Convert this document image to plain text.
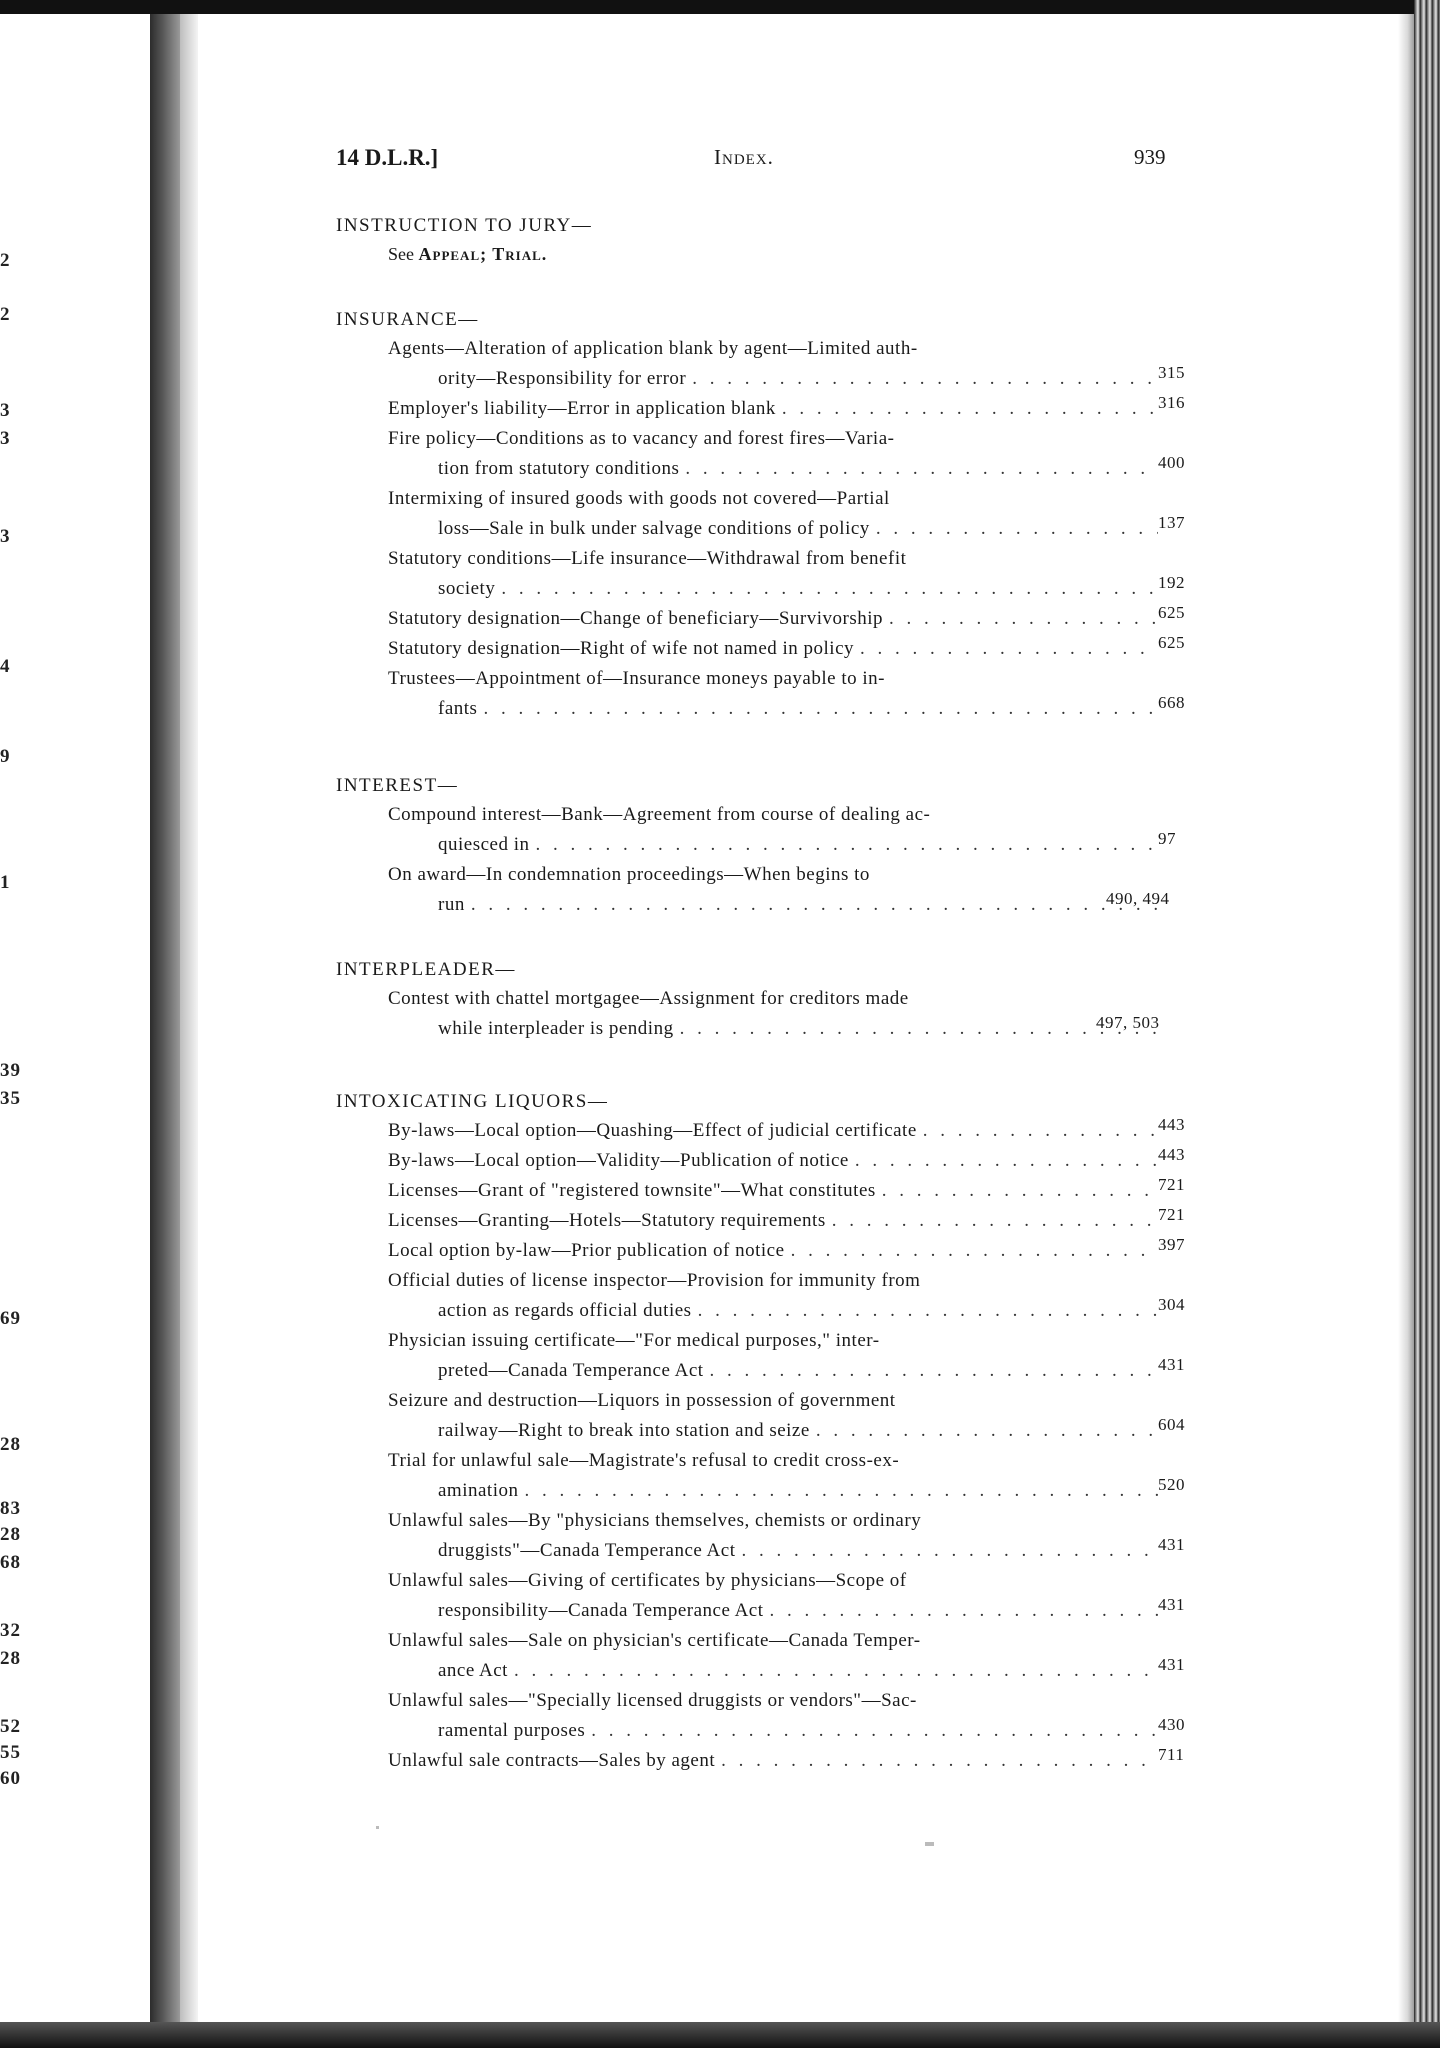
2
2
3
3
3
4
9
1
39
35
69
28
83
28
68
32
28
52
55
60
14 D.L.R.]	Index.	939

INSTRUCTION TO JURY—

See Appeal; Trial.

INSURANCE—

Agents—Alteration of application blank by agent—Limited auth-
ority—Responsibility for error . . .	315
Employer's liability—Error in application blank . . .	316
Fire policy—Conditions as to vacancy and forest fires—Varia-
tion from statutory conditions . . .	400
Intermixing of insured goods with goods not covered—Partial
loss—Sale in bulk under salvage conditions of policy . . .	137
Statutory conditions—Life insurance—Withdrawal from benefit
society . . .	192
Statutory designation—Change of beneficiary—Survivorship . . .	625
Statutory designation—Right of wife not named in policy . . .	625
Trustees—Appointment of—Insurance moneys payable to in-
fants . . .	668

INTEREST—

Compound interest—Bank—Agreement from course of dealing ac-
quiesced in . . .	97
On award—In condemnation proceedings—When begins to
run . . .	490, 494

INTERPLEADER—

Contest with chattel mortgagee—Assignment for creditors made
while interpleader is pending . . .	497, 503

INTOXICATING LIQUORS—

By-laws—Local option—Quashing—Effect of judicial certificate . . .	443
By-laws—Local option—Validity—Publication of notice . . .	443
Licenses—Grant of "registered townsite"—What constitutes . . .	721
Licenses—Granting—Hotels—Statutory requirements . . .	721
Local option by-law—Prior publication of notice . . .	397
Official duties of license inspector—Provision for immunity from
action as regards official duties . . .	304
Physician issuing certificate—"For medical purposes," inter-
preted—Canada Temperance Act . . .	431
Seizure and destruction—Liquors in possession of government
railway—Right to break into station and seize . . .	604
Trial for unlawful sale—Magistrate's refusal to credit cross-ex-
amination . . .	520
Unlawful sales—By "physicians themselves, chemists or ordinary
druggists"—Canada Temperance Act . . .	431
Unlawful sales—Giving of certificates by physicians—Scope of
responsibility—Canada Temperance Act . . .	431
Unlawful sales—Sale on physician's certificate—Canada Temper-
ance Act . . .	431
Unlawful sales—"Specially licensed druggists or vendors"—Sac-
ramental purposes . . .	430
Unlawful sale contracts—Sales by agent . . .	711
